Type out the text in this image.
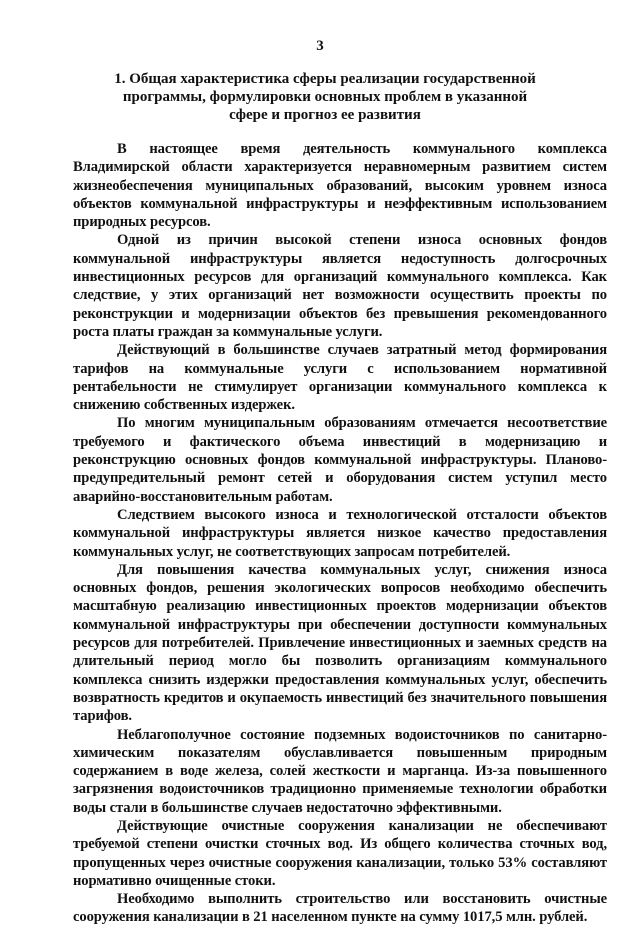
3
1. Общая характеристика сферы реализации государственной
программы, формулировки основных проблем в указанной
сфере и прогноз ее развития

В настоящее время деятельность коммунального комплекса Владимирской области характеризуется неравномерным развитием систем жизнеобеспечения муниципальных образований, высоким уровнем износа объектов коммунальной инфраструктуры и неэффективным использованием природных ресурсов.

Одной из причин высокой степени износа основных фондов коммунальной инфраструктуры является недоступность долгосрочных инвестиционных ресурсов для организаций коммунального комплекса. Как следствие, у этих организаций нет возможности осуществить проекты по реконструкции и модернизации объектов без превышения рекомендованного роста платы граждан за коммунальные услуги.

Действующий в большинстве случаев затратный метод формирования тарифов на коммунальные услуги с использованием нормативной рентабельности не стимулирует организации коммунального комплекса к снижению собственных издержек.

По многим муниципальным образованиям отмечается несоответствие требуемого и фактического объема инвестиций в модернизацию и реконструкцию основных фондов коммунальной инфраструктуры. Планово-предупредительный ремонт сетей и оборудования систем уступил место аварийно-восстановительным работам.

Следствием высокого износа и технологической отсталости объектов коммунальной инфраструктуры является низкое качество предоставления коммунальных услуг, не соответствующих запросам потребителей.

Для повышения качества коммунальных услуг, снижения износа основных фондов, решения экологических вопросов необходимо обеспечить масштабную реализацию инвестиционных проектов модернизации объектов коммунальной инфраструктуры при обеспечении доступности коммунальных ресурсов для потребителей. Привлечение инвестиционных и заемных средств на длительный период могло бы позволить организациям коммунального комплекса снизить издержки предоставления коммунальных услуг, обеспечить возвратность кредитов и окупаемость инвестиций без значительного повышения тарифов.

Неблагополучное состояние подземных водоисточников по санитарно-химическим показателям обуславливается повышенным природным содержанием в воде железа, солей жесткости и марганца. Из-за повышенного загрязнения водоисточников традиционно применяемые технологии обработки воды стали в большинстве случаев недостаточно эффективными.

Действующие очистные сооружения канализации не обеспечивают требуемой степени очистки сточных вод. Из общего количества сточных вод, пропущенных через очистные сооружения канализации, только 53% составляют нормативно очищенные стоки.

Необходимо выполнить строительство или восстановить очистные сооружения канализации в 21 населенном пункте на сумму 1017,5 млн. рублей.
